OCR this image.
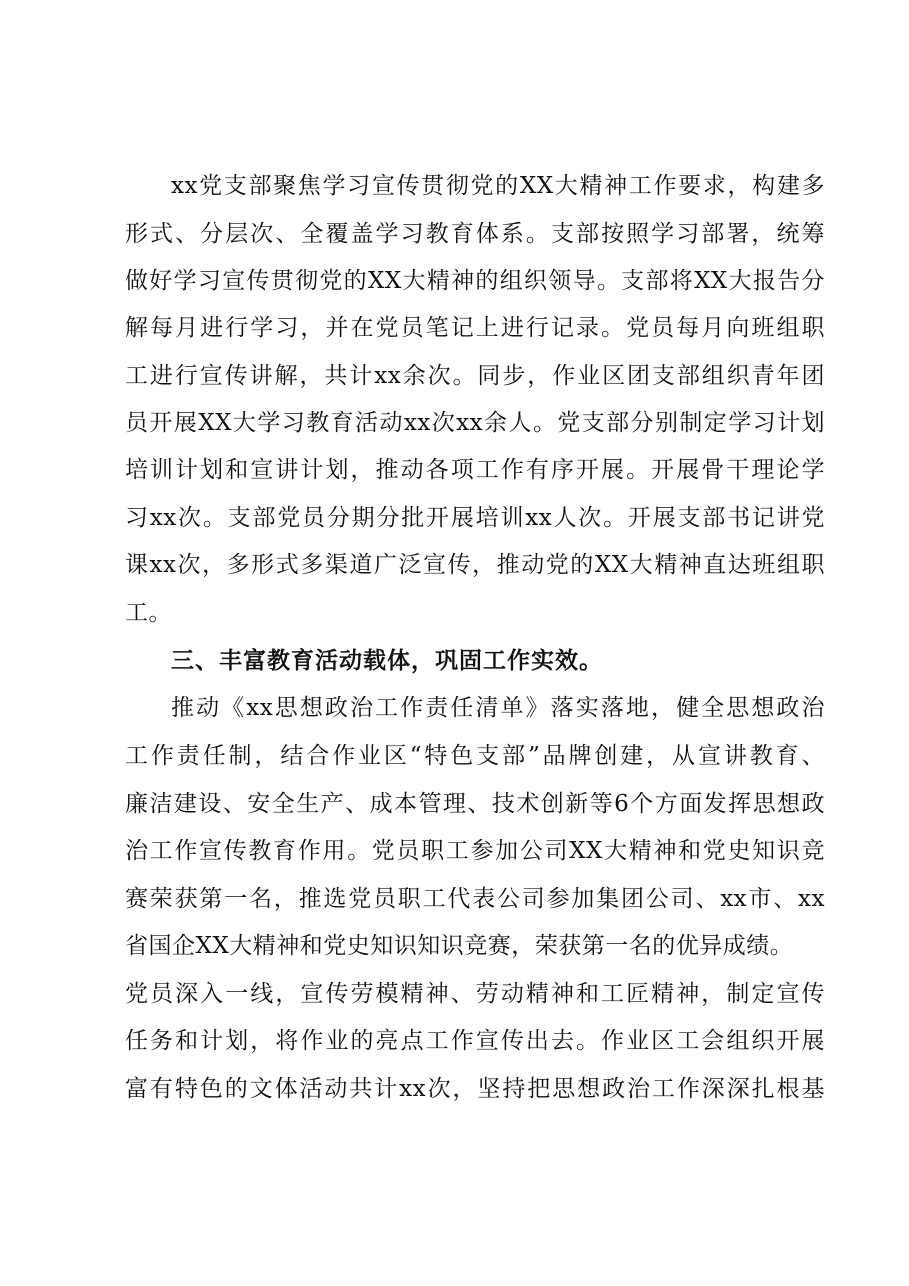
xx党支部聚焦学习宣传贯彻党的XX大精神工作要求，构建多

形式、分层次、全覆盖学习教育体系。支部按照学习部署，统筹

做好学习宣传贯彻党的XX大精神的组织领导。支部将XX大报告分

解每月进行学习，并在党员笔记上进行记录。党员每月向班组职

工进行宣传讲解，共计xx余次。同步，作业区团支部组织青年团

员开展XX大学习教育活动xx次xx余人。党支部分别制定学习计划

培训计划和宣讲计划，推动各项工作有序开展。开展骨干理论学

习xx次。支部党员分期分批开展培训xx人次。开展支部书记讲党

课xx次，多形式多渠道广泛宣传，推动党的XX大精神直达班组职

工。

三、丰富教育活动载体，巩固工作实效。

推动《xx思想政治工作责任清单》落实落地，健全思想政治

工作责任制，结合作业区“特色支部”品牌创建，从宣讲教育、

廉洁建设、安全生产、成本管理、技术创新等6个方面发挥思想政

治工作宣传教育作用。党员职工参加公司XX大精神和党史知识竞

赛荣获第一名，推选党员职工代表公司参加集团公司、xx市、xx

省国企XX大精神和党史知识知识竞赛，荣获第一名的优异成绩。

党员深入一线，宣传劳模精神、劳动精神和工匠精神，制定宣传

任务和计划，将作业的亮点工作宣传出去。作业区工会组织开展

富有特色的文体活动共计xx次，坚持把思想政治工作深深扎根基
